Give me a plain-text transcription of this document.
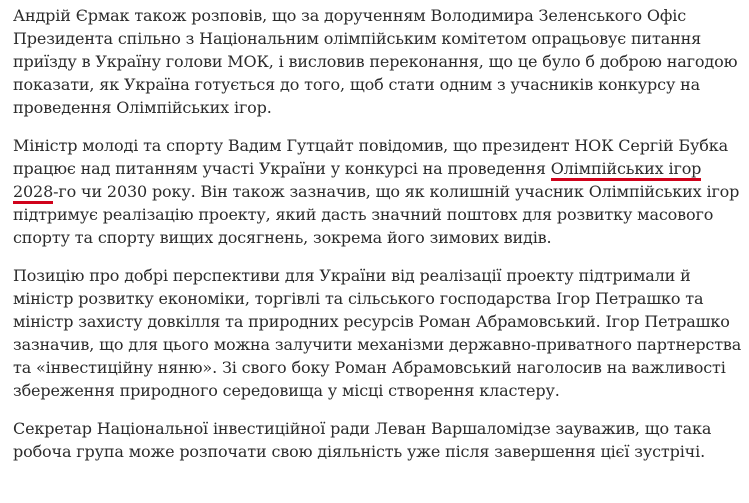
Андрій Єрмак також розповів, що за дорученням Володимира Зеленського Офіс Президента спільно з Національним олімпійським комітетом опрацьовує питання приїзду в Україну голови МОК, і висловив переконання, що це було б доброю нагодою показати, як Україна готується до того, щоб стати одним з учасників конкурсу на проведення Олімпійських ігор.

Міністр молоді та спорту Вадим Гутцайт повідомив, що президент НОК Сергій Бубка працює над питанням участі України у конкурсі на проведення Олімпійських ігор 2028-го чи 2030 року. Він також зазначив, що як колишній учасник Олімпійських ігор підтримує реалізацію проекту, який дасть значний поштовх для розвитку масового спорту та спорту вищих досягнень, зокрема його зимових видів.

Позицію про добрі перспективи для України від реалізації проекту підтримали й міністр розвитку економіки, торгівлі та сільського господарства Ігор Петрашко та міністр захисту довкілля та природних ресурсів Роман Абрамовський. Ігор Петрашко зазначив, що для цього можна залучити механізми державно-приватного партнерства та «інвестиційну няню». Зі свого боку Роман Абрамовський наголосив на важливості збереження природного середовища у місці створення кластеру.

Секретар Національної інвестиційної ради Леван Варшаломідзе зауважив, що така робоча група може розпочати свою діяльність уже після завершення цієї зустрічі.
